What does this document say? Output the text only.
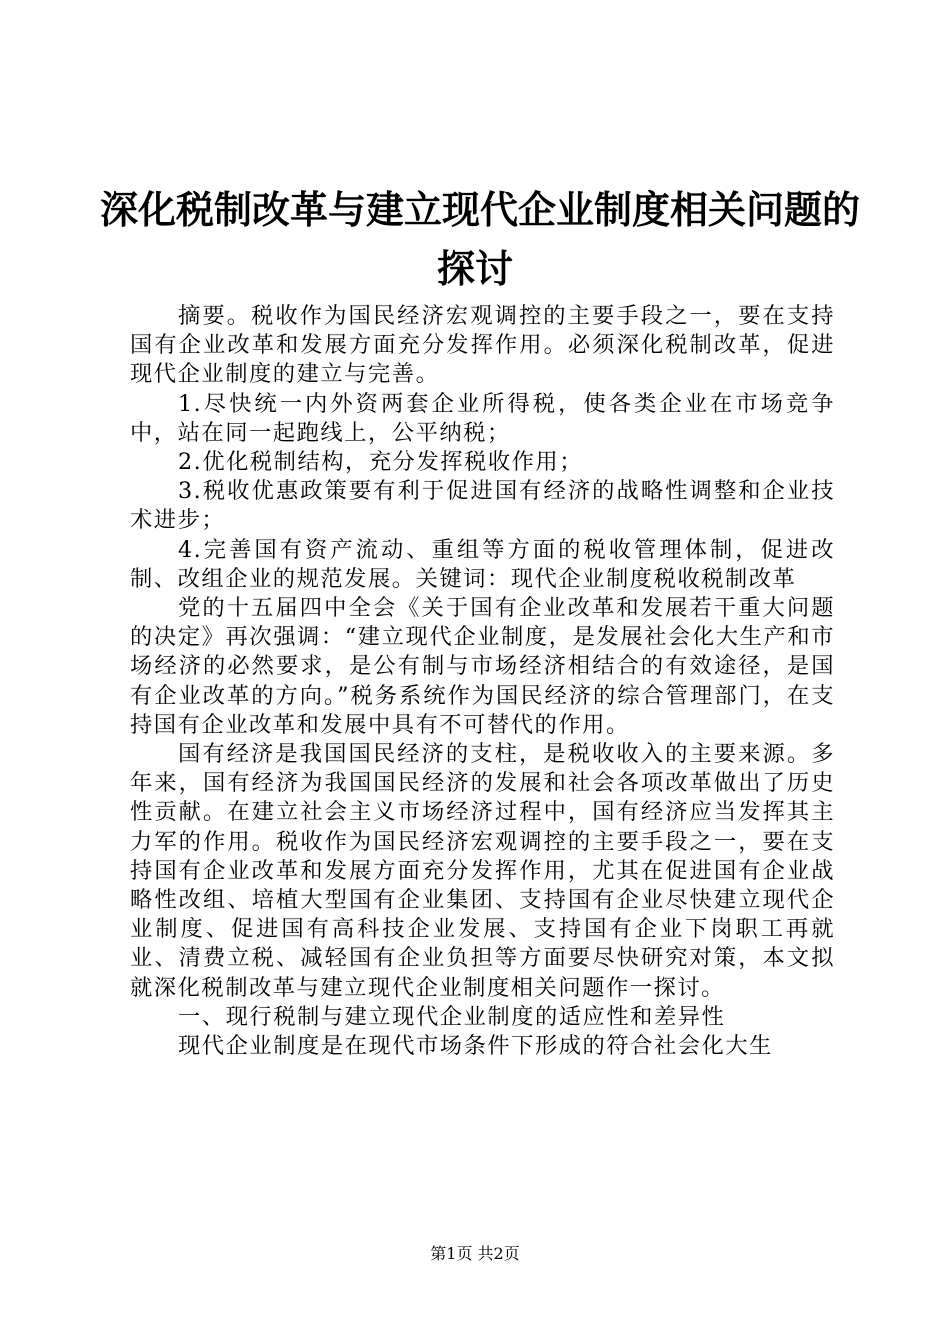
深化税制改革与建立现代企业制度相关问题的
探讨

摘要。税收作为国民经济宏观调控的主要手段之一，要在支持国有企业改革和发展方面充分发挥作用。必须深化税制改革，促进现代企业制度的建立与完善。

1.尽快统一内外资两套企业所得税，使各类企业在市场竞争中，站在同一起跑线上，公平纳税；

2.优化税制结构，充分发挥税收作用；

3.税收优惠政策要有利于促进国有经济的战略性调整和企业技术进步；

4.完善国有资产流动、重组等方面的税收管理体制，促进改制、改组企业的规范发展。关键词：现代企业制度税收税制改革

党的十五届四中全会《关于国有企业改革和发展若干重大问题的决定》再次强调：“建立现代企业制度，是发展社会化大生产和市场经济的必然要求，是公有制与市场经济相结合的有效途径，是国有企业改革的方向。”税务系统作为国民经济的综合管理部门，在支持国有企业改革和发展中具有不可替代的作用。

国有经济是我国国民经济的支柱，是税收收入的主要来源。多年来，国有经济为我国国民经济的发展和社会各项改革做出了历史性贡献。在建立社会主义市场经济过程中，国有经济应当发挥其主力军的作用。税收作为国民经济宏观调控的主要手段之一，要在支持国有企业改革和发展方面充分发挥作用，尤其在促进国有企业战略性改组、培植大型国有企业集团、支持国有企业尽快建立现代企业制度、促进国有高科技企业发展、支持国有企业下岗职工再就业、清费立税、减轻国有企业负担等方面要尽快研究对策，本文拟就深化税制改革与建立现代企业制度相关问题作一探讨。

一、现行税制与建立现代企业制度的适应性和差异性

现代企业制度是在现代市场条件下形成的符合社会化大生

第1页 共2页
